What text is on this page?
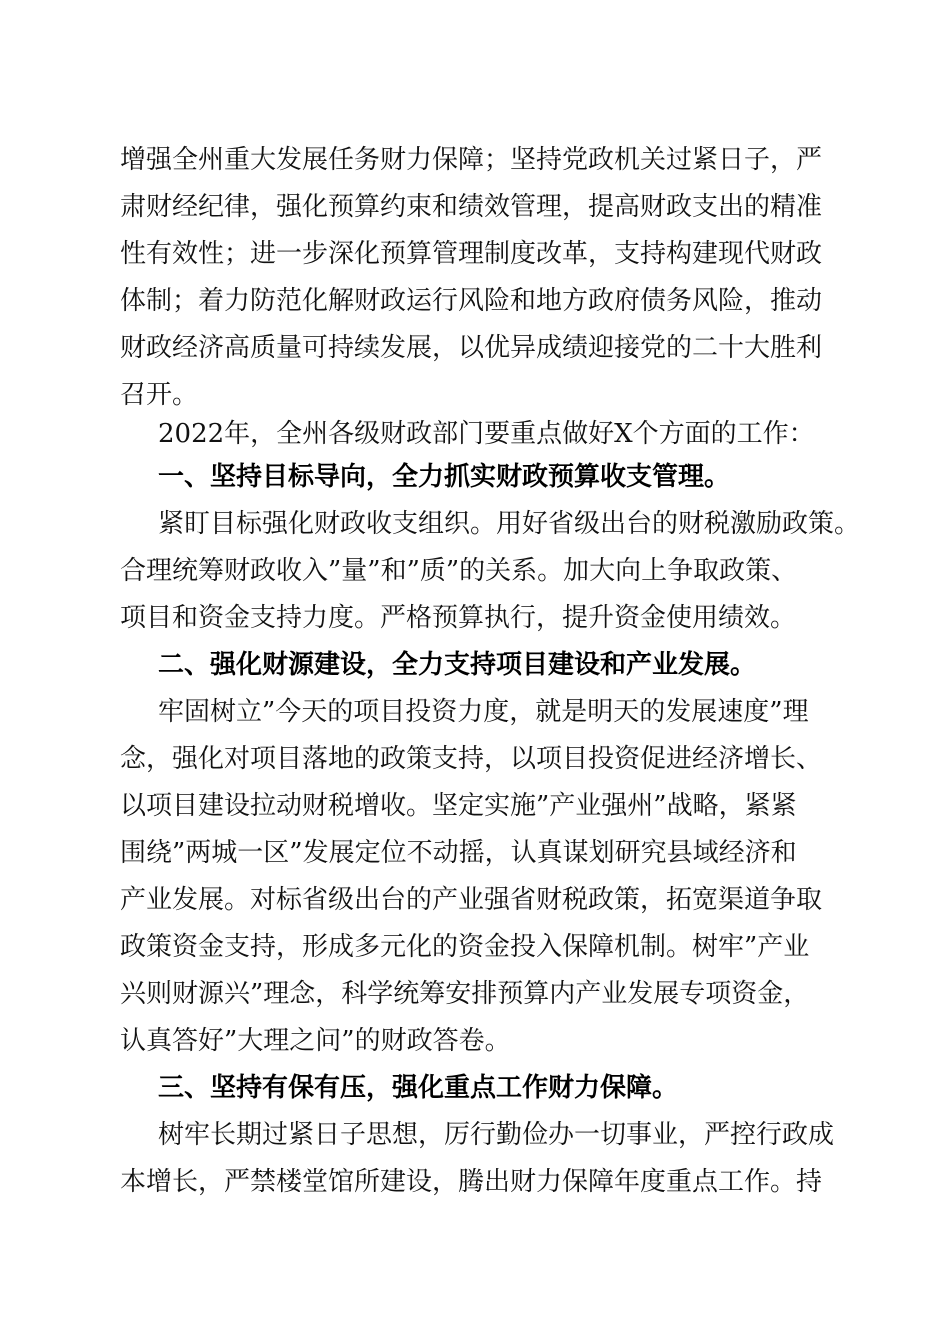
增强全州重大发展任务财力保障；坚持党政机关过紧日子，严
肃财经纪律，强化预算约束和绩效管理，提高财政支出的精准
性有效性；进一步深化预算管理制度改革，支持构建现代财政
体制；着力防范化解财政运行风险和地方政府债务风险，推动
财政经济高质量可持续发展，以优异成绩迎接党的二十大胜利
召开。
2022年，全州各级财政部门要重点做好X个方面的工作：
一、坚持目标导向，全力抓实财政预算收支管理。
紧盯目标强化财政收支组织。用好省级出台的财税激励政策。
合理统筹财政收入”量”和”质”的关系。加大向上争取政策、
项目和资金支持力度。严格预算执行，提升资金使用绩效。
二、强化财源建设，全力支持项目建设和产业发展。
牢固树立”今天的项目投资力度，就是明天的发展速度”理
念，强化对项目落地的政策支持，以项目投资促进经济增长、
以项目建设拉动财税增收。坚定实施”产业强州”战略，紧紧
围绕”两城一区”发展定位不动摇，认真谋划研究县域经济和
产业发展。对标省级出台的产业强省财税政策，拓宽渠道争取
政策资金支持，形成多元化的资金投入保障机制。树牢”产业
兴则财源兴”理念，科学统筹安排预算内产业发展专项资金，
认真答好”大理之问”的财政答卷。
三、坚持有保有压，强化重点工作财力保障。
树牢长期过紧日子思想，厉行勤俭办一切事业，严控行政成
本增长，严禁楼堂馆所建设，腾出财力保障年度重点工作。持
